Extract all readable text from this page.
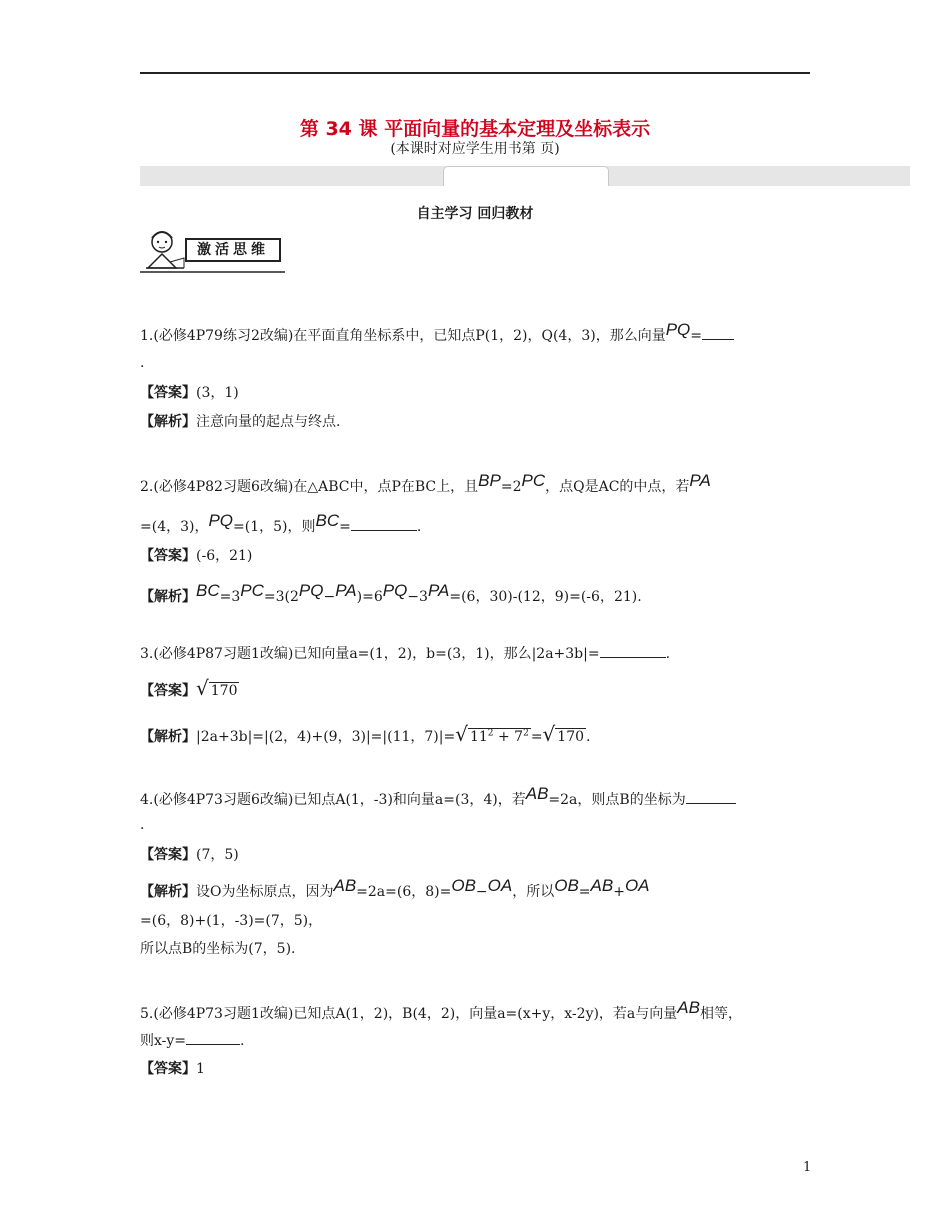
第 34 课 平面向量的基本定理及坐标表示
(本课时对应学生用书第 页)
自主学习 回归教材
激活思维
1.(必修4P79练习2改编)在平面直角坐标系中，已知点P(1，2)，Q(4，3)，那么向量PQ=
.
【答案】(3，1)
【解析】注意向量的起点与终点.
2.(必修4P82习题6改编)在△ABC中，点P在BC上，且BP=2PC，点Q是AC的中点，若PA
=(4，3)，PQ=(1，5)，则BC=	.
【答案】(-6，21)
【解析】BC=3PC=3(2PQ−PA)=6PQ−3PA=(6，30)-(12，9)=(-6，21).
3.(必修4P87习题1改编)已知向量a=(1，2)，b=(3，1)，那么|2a+3b|=	.
【答案】√ 170
【解析】|2a+3b|=|(2，4)+(9，3)|=|(11，7)|=√ $11^2 + 7^2$ =√ 170 .
4.(必修4P73习题6改编)已知点A(1，-3)和向量a=(3，4)，若AB=2a，则点B的坐标为
.
【答案】(7，5)
【解析】设O为坐标原点，因为AB=2a=(6，8)=OB−OA，所以OB=AB+OA
=(6，8)+(1，-3)=(7，5)，
所以点B的坐标为(7，5).
5.(必修4P73习题1改编)已知点A(1，2)，B(4，2)，向量a=(x+y，x-2y)，若a与向量AB相等，
则x-y=	.
【答案】1
1
